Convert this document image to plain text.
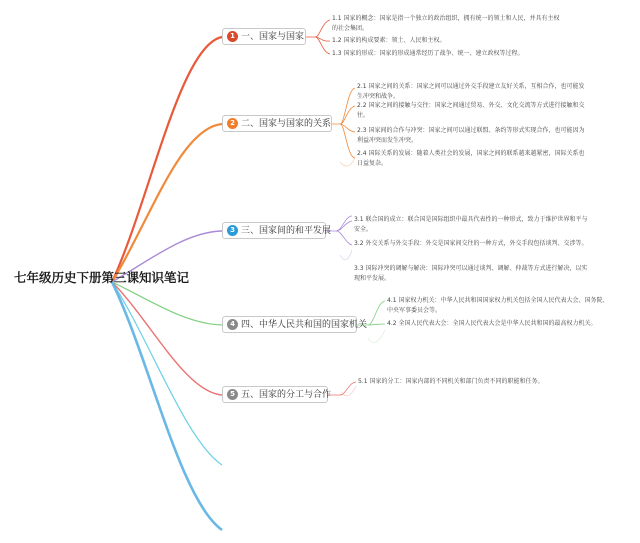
七年级历史下册第三课知识笔记
1 一、国家与国家
2 二、国家与国家的关系
3 三、国家间的和平发展
4 四、中华人民共和国的国家机关
5 五、国家的分工与合作
1.1 国家的概念：国家是指一个独立的政治组织，拥有统一的领土和人民，并具有主权的社会集团。
1.2 国家的构成要素：领土、人民和主权。
1.3 国家的形成：国家的形成通常经历了战争、统一、建立政权等过程。
2.1 国家之间的关系：国家之间可以通过外交手段建立友好关系，互相合作，也可能发生冲突和战争。
2.2 国家之间的接触与交往：国家之间通过贸易、外交、文化交流等方式进行接触和交往。
2.3 国家间的合作与冲突：国家之间可以通过联盟、条约等形式实现合作，也可能因为利益冲突而发生冲突。
2.4 国际关系的发展：随着人类社会的发展，国家之间的联系越来越紧密，国际关系也日益复杂。
3.1 联合国的成立：联合国是国际组织中最具代表性的一种形式，致力于维护世界和平与安全。
3.2 外交关系与外交手段：外交是国家间交往的一种方式，外交手段包括谈判、交涉等。
3.3 国际冲突的调解与解决：国际冲突可以通过谈判、调解、仲裁等方式进行解决，以实现和平发展。
4.1 国家权力机关：中华人民共和国国家权力机关包括全国人民代表大会、国务院、中央军事委员会等。
4.2 全国人民代表大会：全国人民代表大会是中华人民共和国的最高权力机关。
5.1 国家的分工：国家内部的不同机关和部门负责不同的职能和任务。
